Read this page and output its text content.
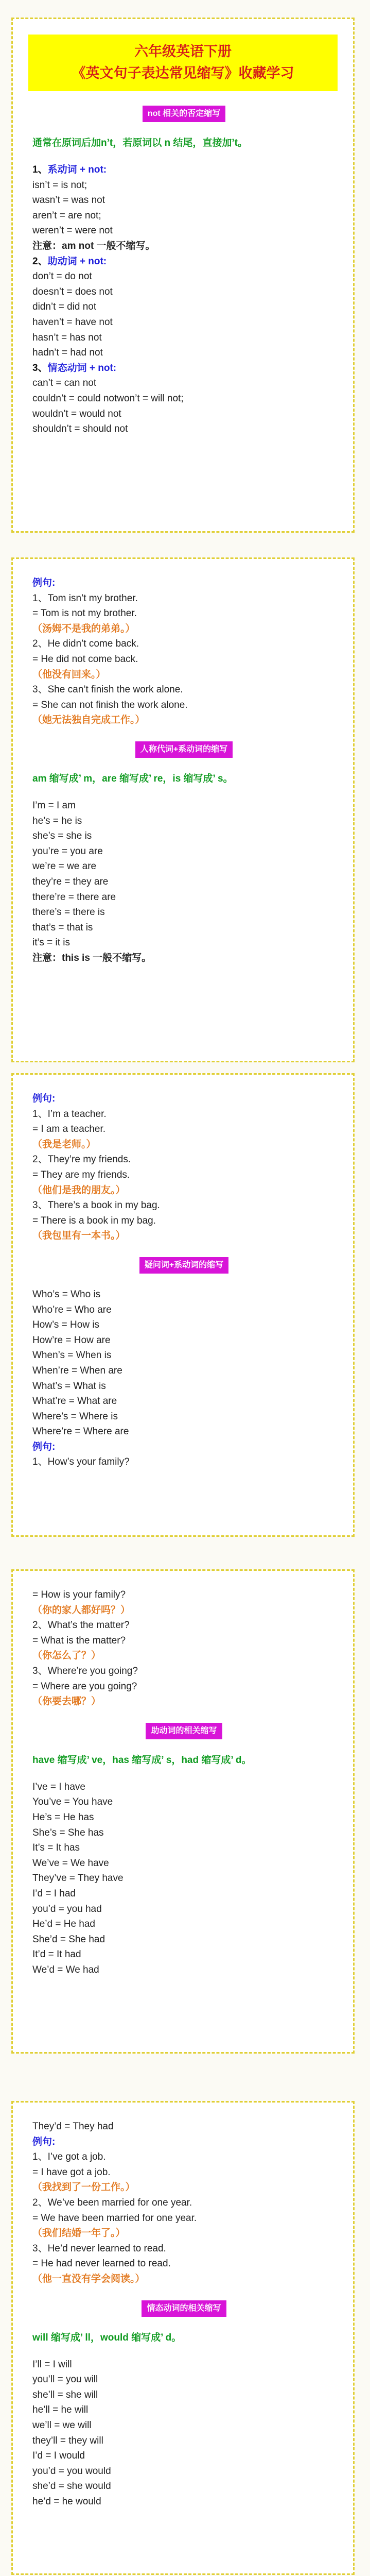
六年级英语下册
《英文句子表达常见缩写》收藏学习
not 相关的否定缩写
通常在原词后加n’t，若原词以 n 结尾，直接加’t。
1、系动词 + not:
isn’t = is not;
wasn’t = was not
aren’t = are not;
weren’t = were not
注意：am not 一般不缩写。
2、助动词 + not:
don’t = do not
doesn’t = does not
didn’t = did not
haven’t = have not
hasn’t = has not
hadn’t = had not
3、情态动词 + not:
can’t = can not
couldn’t = could notwon’t = will not;
wouldn’t = would not
shouldn’t = should not
例句:
1、Tom isn’t my brother.
= Tom is not my brother.
（汤姆不是我的弟弟。）
2、He didn’t come back.
= He did not come back.
（他没有回来。）
3、She can’t finish the work alone.
= She can not finish the work alone.
（她无法独自完成工作。）
人称代词+系动词的缩写
am 缩写成’ m，are 缩写成’ re，is 缩写成’ s。
I’m = I am
he’s = he is
she’s = she is
you’re = you are
we’re = we are
they’re = they are
there’re = there are
there’s = there is
that’s = that is
it’s = it is
注意：this is 一般不缩写。
例句:
1、I’m a teacher.
= I am a teacher.
（我是老师。）
2、They’re my friends.
= They are my friends.
（他们是我的朋友。）
3、There’s a book in my bag.
= There is a book in my bag.
（我包里有一本书。）
疑问词+系动词的缩写
Who’s = Who is
Who’re = Who are
How’s = How is
How’re = How are
When’s = When is
When’re = When are
What’s = What is
What’re = What are
Where’s = Where is
Where’re = Where are
例句:
1、How’s your family?
= How is your family?
（你的家人都好吗？）
2、What’s the matter?
= What is the matter?
（你怎么了？）
3、Where’re you going?
= Where are you going?
（你要去哪？）
助动词的相关缩写
have 缩写成’ ve，has 缩写成’ s，had 缩写成’ d。
I’ve = I have
You’ve = You have
He’s = He has
She’s = She has
It’s = It has
We’ve = We have
They’ve = They have
I’d = I had
you’d = you had
He’d = He had
She’d = She had
It’d = It had
We’d = We had
They’d = They had
例句:
1、I’ve got a job.
= I have got a job.
（我找到了一份工作。）
2、We’ve been married for one year.
= We have been married for one year.
（我们结婚一年了。）
3、He’d never learned to read.
= He had never learned to read.
（他一直没有学会阅读。）
情态动词的相关缩写
will 缩写成’ ll，would 缩写成’ d。
I’ll = I will
you’ll = you will
she’ll = she will
he’ll = he will
we’ll = we will
they’ll = they will
I’d = I would
you’d = you would
she’d = she would
he’d = he would
